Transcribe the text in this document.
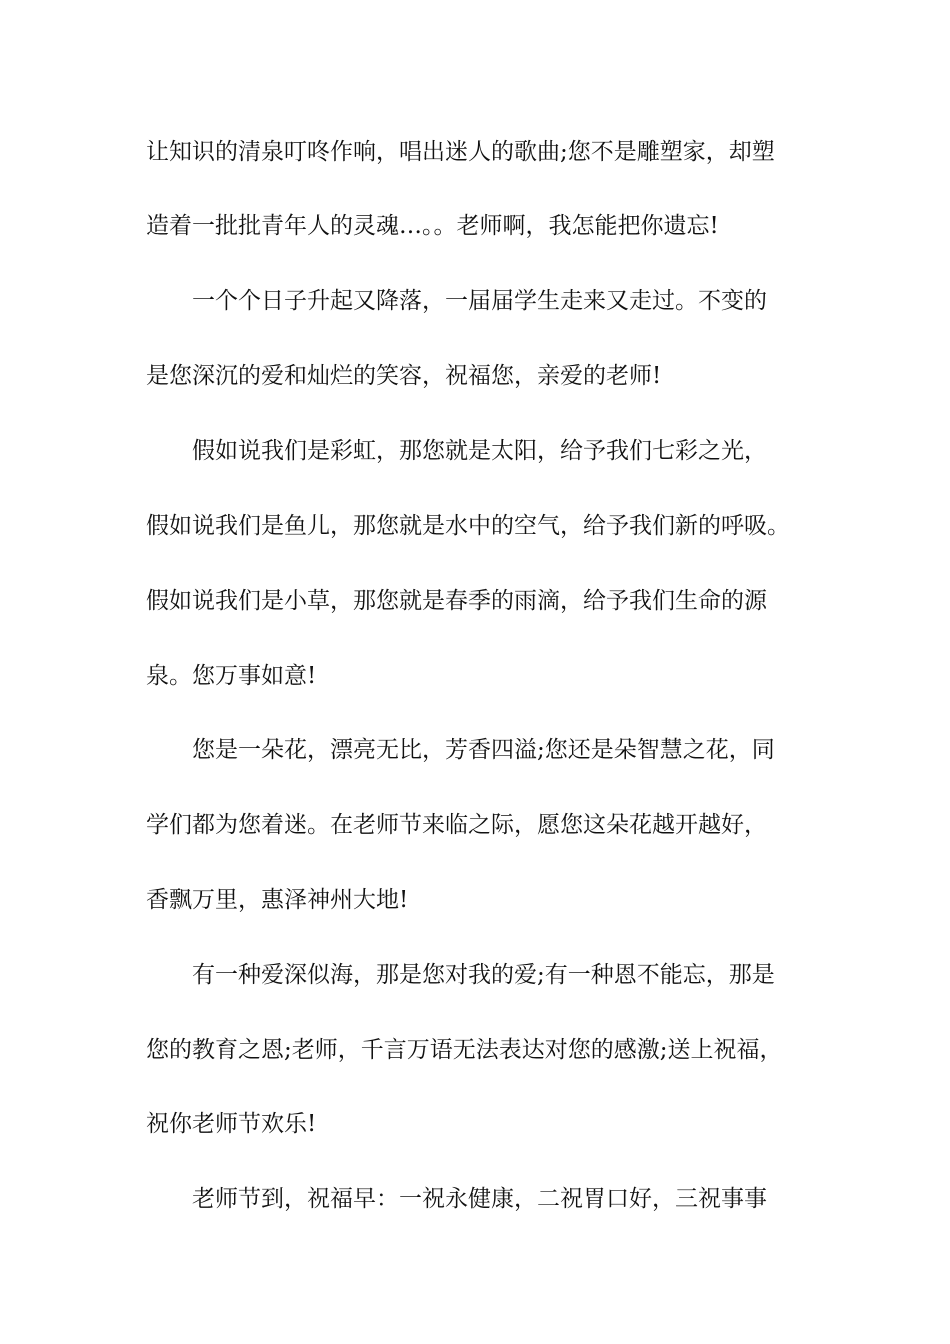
让知识的清泉叮咚作响，唱出迷人的歌曲;您不是雕塑家，却塑
造着一批批青年人的灵魂…。。老师啊，我怎能把你遗忘!
一个个日子升起又降落，一届届学生走来又走过。不变的
是您深沉的爱和灿烂的笑容，祝福您，亲爱的老师!
假如说我们是彩虹，那您就是太阳，给予我们七彩之光，
假如说我们是鱼儿，那您就是水中的空气，给予我们新的呼吸。
假如说我们是小草，那您就是春季的雨滴，给予我们生命的源
泉。您万事如意!
您是一朵花，漂亮无比，芳香四溢;您还是朵智慧之花，同
学们都为您着迷。在老师节来临之际，愿您这朵花越开越好，
香飘万里，惠泽神州大地!
有一种爱深似海，那是您对我的爱;有一种恩不能忘，那是
您的教育之恩;老师，千言万语无法表达对您的感激;送上祝福，
祝你老师节欢乐!
老师节到，祝福早：一祝永健康，二祝胃口好，三祝事事
